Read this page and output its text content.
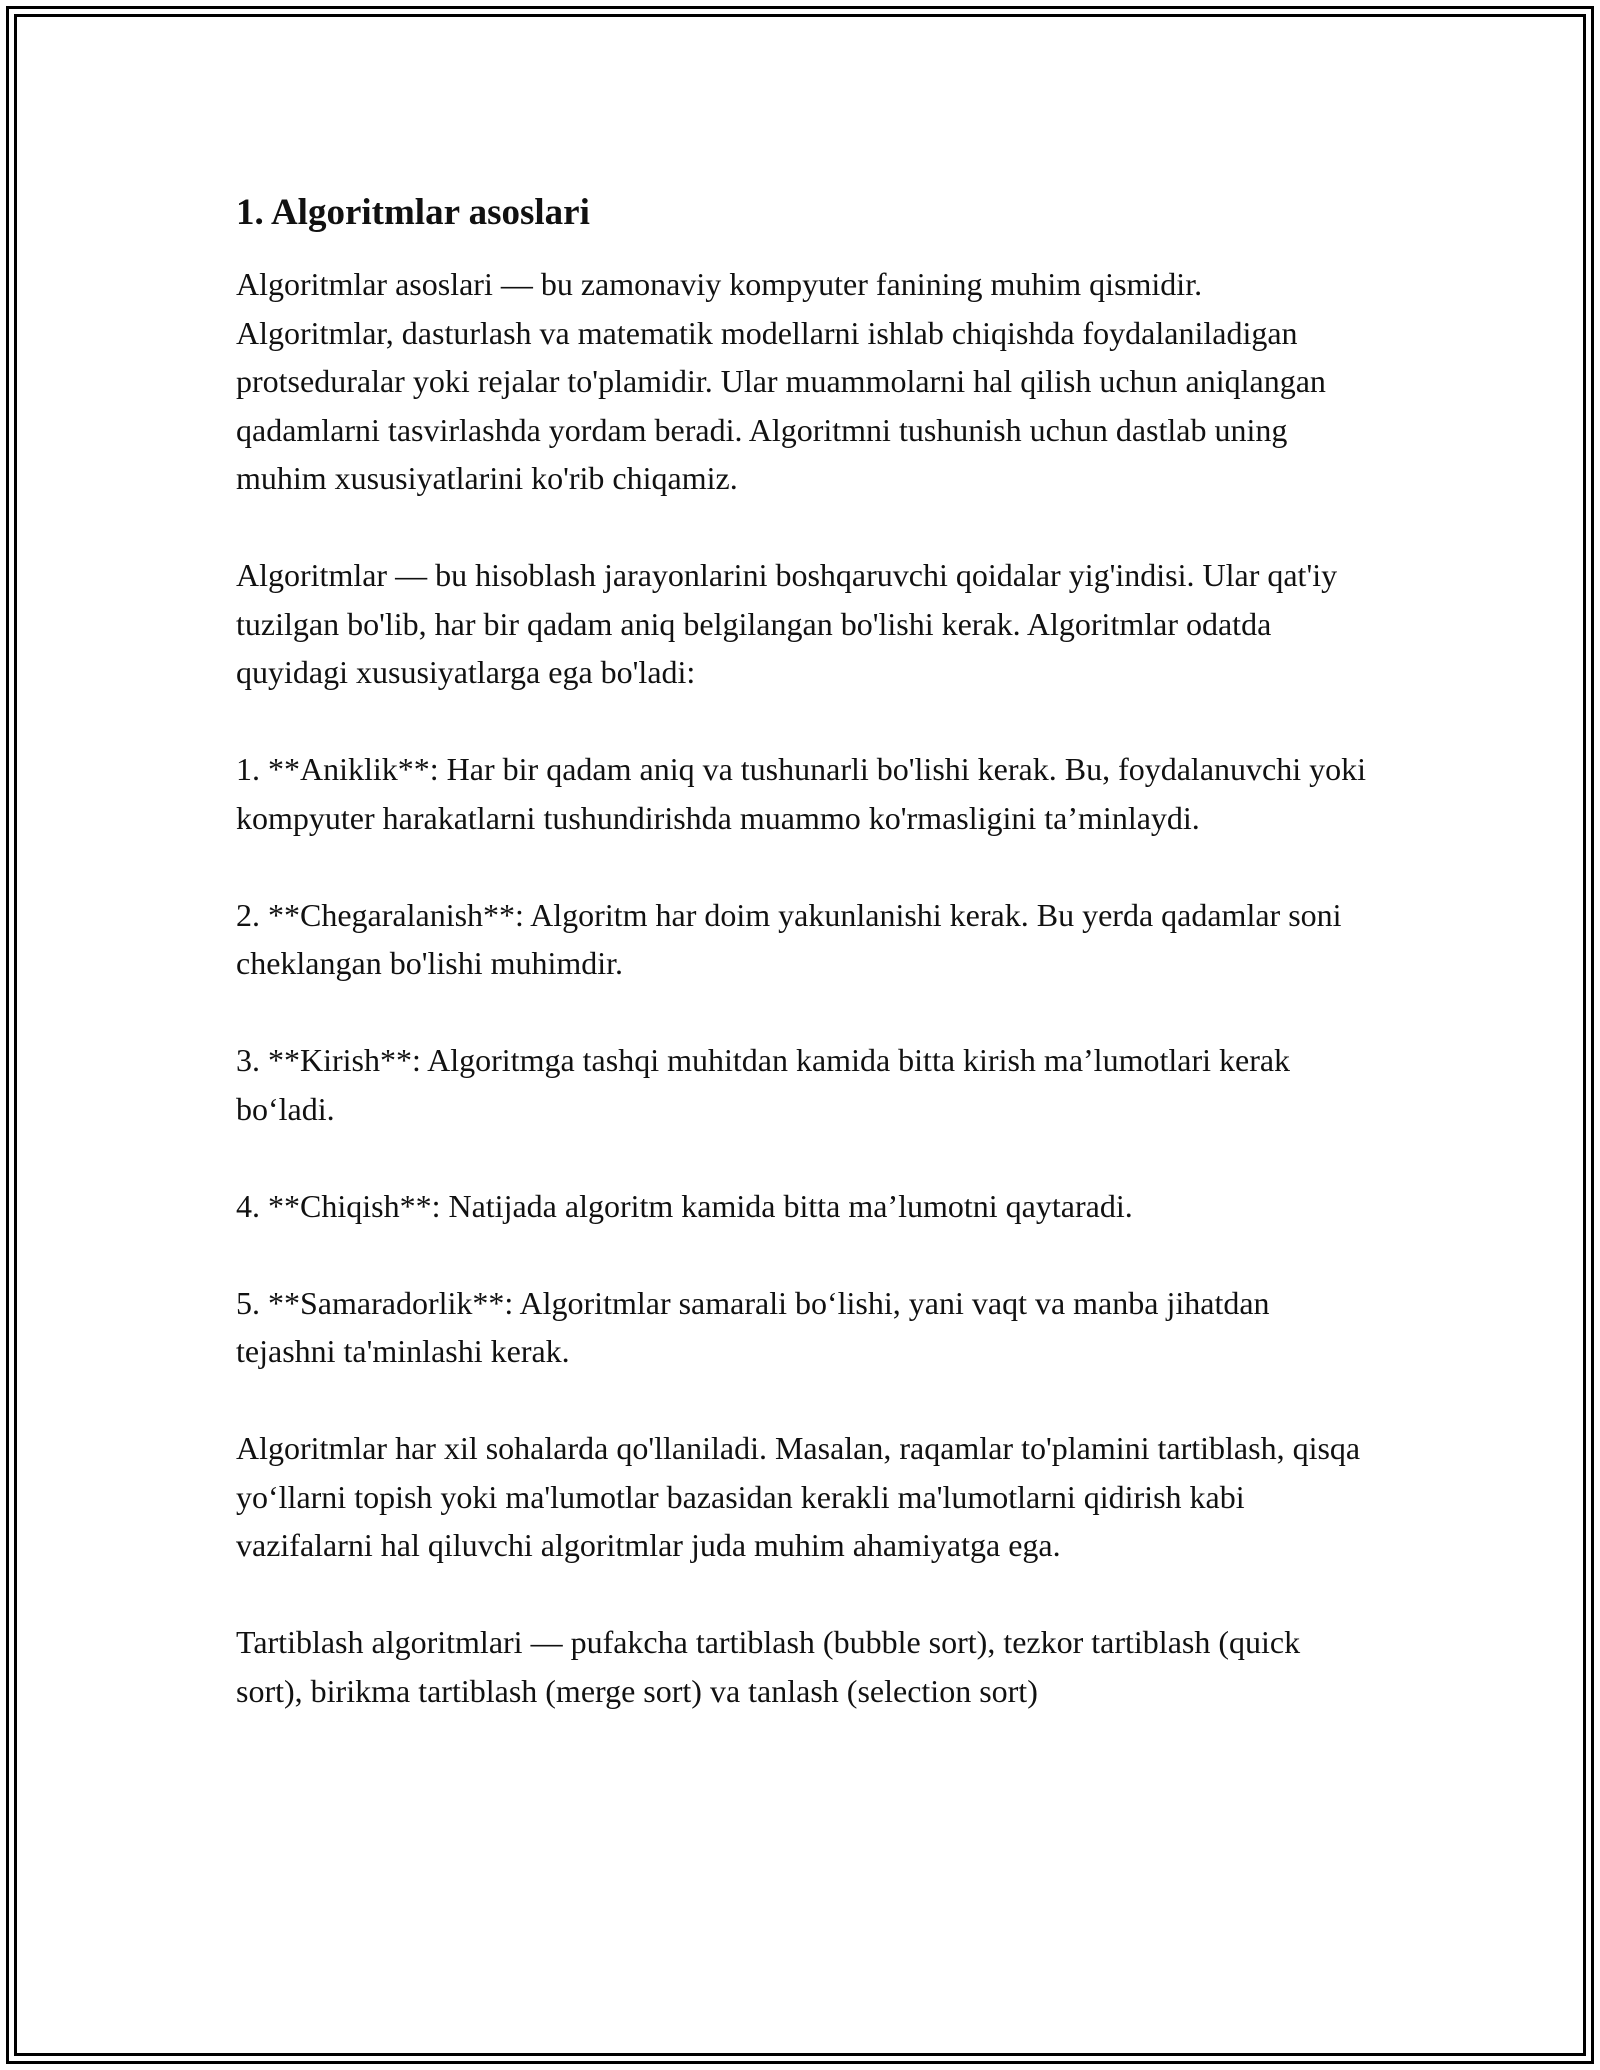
1. Algoritmlar asoslari

Algoritmlar asoslari — bu zamonaviy kompyuter fanining muhim qismidir. Algoritmlar, dasturlash va matematik modellarni ishlab chiqishda foydalaniladigan protseduralar yoki rejalar to'plamidir. Ular muammolarni hal qilish uchun aniqlangan qadamlarni tasvirlashda yordam beradi. Algoritmni tushunish uchun dastlab uning muhim xususiyatlarini ko'rib chiqamiz.

Algoritmlar — bu hisoblash jarayonlarini boshqaruvchi qoidalar yig'indisi. Ular qat'iy tuzilgan bo'lib, har bir qadam aniq belgilangan bo'lishi kerak. Algoritmlar odatda quyidagi xususiyatlarga ega bo'ladi:

1. **Aniklik**: Har bir qadam aniq va tushunarli bo'lishi kerak. Bu, foydalanuvchi yoki kompyuter harakatlarni tushundirishda muammo ko'rmasligini ta’minlaydi.

2. **Chegaralanish**: Algoritm har doim yakunlanishi kerak. Bu yerda qadamlar soni cheklangan bo'lishi muhimdir.

3. **Kirish**: Algoritmga tashqi muhitdan kamida bitta kirish ma’lumotlari kerak bo‘ladi.

4. **Chiqish**: Natijada algoritm kamida bitta ma’lumotni qaytaradi.

5. **Samaradorlik**: Algoritmlar samarali bo‘lishi, yani vaqt va manba jihatdan tejashni ta'minlashi kerak.

Algoritmlar har xil sohalarda qo'llaniladi. Masalan, raqamlar to'plamini tartiblash, qisqa yo‘llarni topish yoki ma'lumotlar bazasidan kerakli ma'lumotlarni qidirish kabi vazifalarni hal qiluvchi algoritmlar juda muhim ahamiyatga ega.

Tartiblash algoritmlari — pufakcha tartiblash (bubble sort), tezkor tartiblash (quick sort), birikma tartiblash (merge sort) va tanlash (selection sort)
